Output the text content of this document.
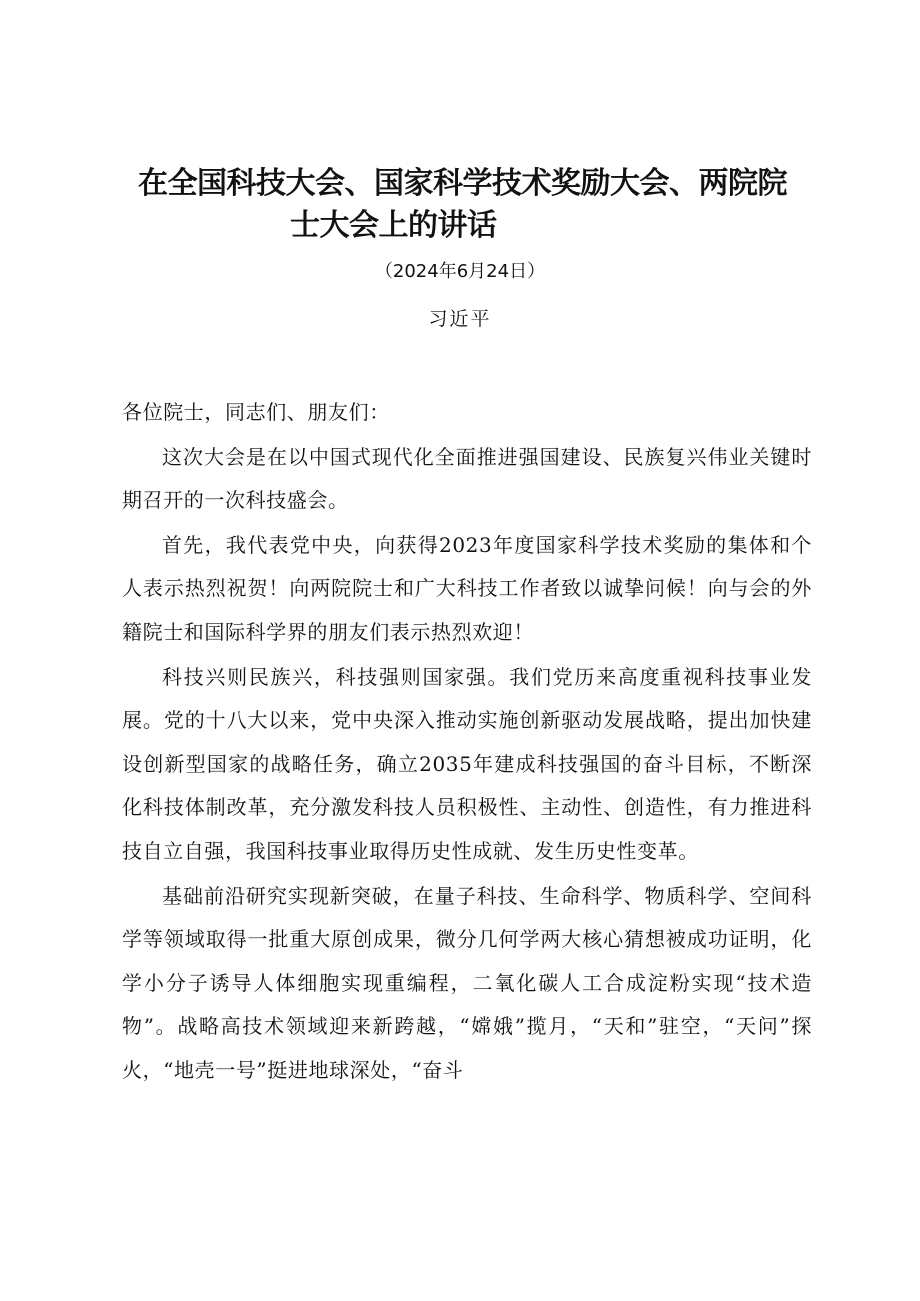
在全国科技大会、国家科学技术奖励大会、两院院
士大会上的讲话
（2024年6月24日）
习近平

各位院士，同志们、朋友们：

这次大会是在以中国式现代化全面推进强国建设、民族复兴伟业关键时期召开的一次科技盛会。

首先，我代表党中央，向获得2023年度国家科学技术奖励的集体和个人表示热烈祝贺！向两院院士和广大科技工作者致以诚挚问候！向与会的外籍院士和国际科学界的朋友们表示热烈欢迎！

科技兴则民族兴，科技强则国家强。我们党历来高度重视科技事业发展。党的十八大以来，党中央深入推动实施创新驱动发展战略，提出加快建设创新型国家的战略任务，确立2035年建成科技强国的奋斗目标，不断深化科技体制改革，充分激发科技人员积极性、主动性、创造性，有力推进科技自立自强，我国科技事业取得历史性成就、发生历史性变革。

基础前沿研究实现新突破，在量子科技、生命科学、物质科学、空间科学等领域取得一批重大原创成果，微分几何学两大核心猜想被成功证明，化学小分子诱导人体细胞实现重编程，二氧化碳人工合成淀粉实现“技术造物”。战略高技术领域迎来新跨越，“嫦娥”揽月，“天和”驻空，“天问”探火，“地壳一号”挺进地球深处，“奋斗
